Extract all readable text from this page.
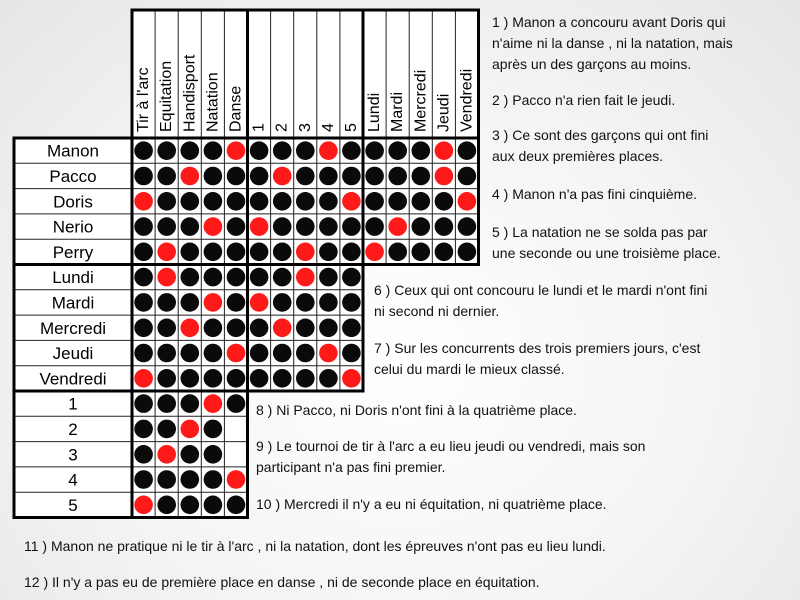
Tir à l'arc Equitation Handisport Natation Danse 1 2 3 4 5 Lundi Mardi Mercredi Jeudi Vendredi
Manon
Pacco
Doris
Nerio
Perry
Lundi
Mardi
Mercredi
Jeudi
Vendredi
1
2
3
4
5
1 ) Manon a concouru avant Doris qui
n'aime ni la danse , ni la natation, mais
après un des garçons au moins.
2 ) Pacco n'a rien fait le jeudi.
3 ) Ce sont des garçons qui ont fini
aux deux premières places.
4 ) Manon n'a pas fini cinquième.
5 ) La natation ne se solda pas par
une seconde ou une troisième place.
6 ) Ceux qui ont concouru le lundi et le mardi n'ont fini
ni second ni dernier.
7 ) Sur les concurrents des trois premiers jours, c'est
celui du mardi le mieux classé.
8 ) Ni Pacco, ni Doris n'ont fini à la quatrième place.
9 ) Le tournoi de tir à l'arc a eu lieu jeudi ou vendredi, mais son
participant n'a pas fini premier.
10 ) Mercredi il n'y a eu ni équitation, ni quatrième place.
11 ) Manon ne pratique ni le tir à l'arc , ni la natation, dont les épreuves n'ont pas eu lieu lundi.
12 ) Il n'y a pas eu de première place en danse , ni de seconde place en équitation.
